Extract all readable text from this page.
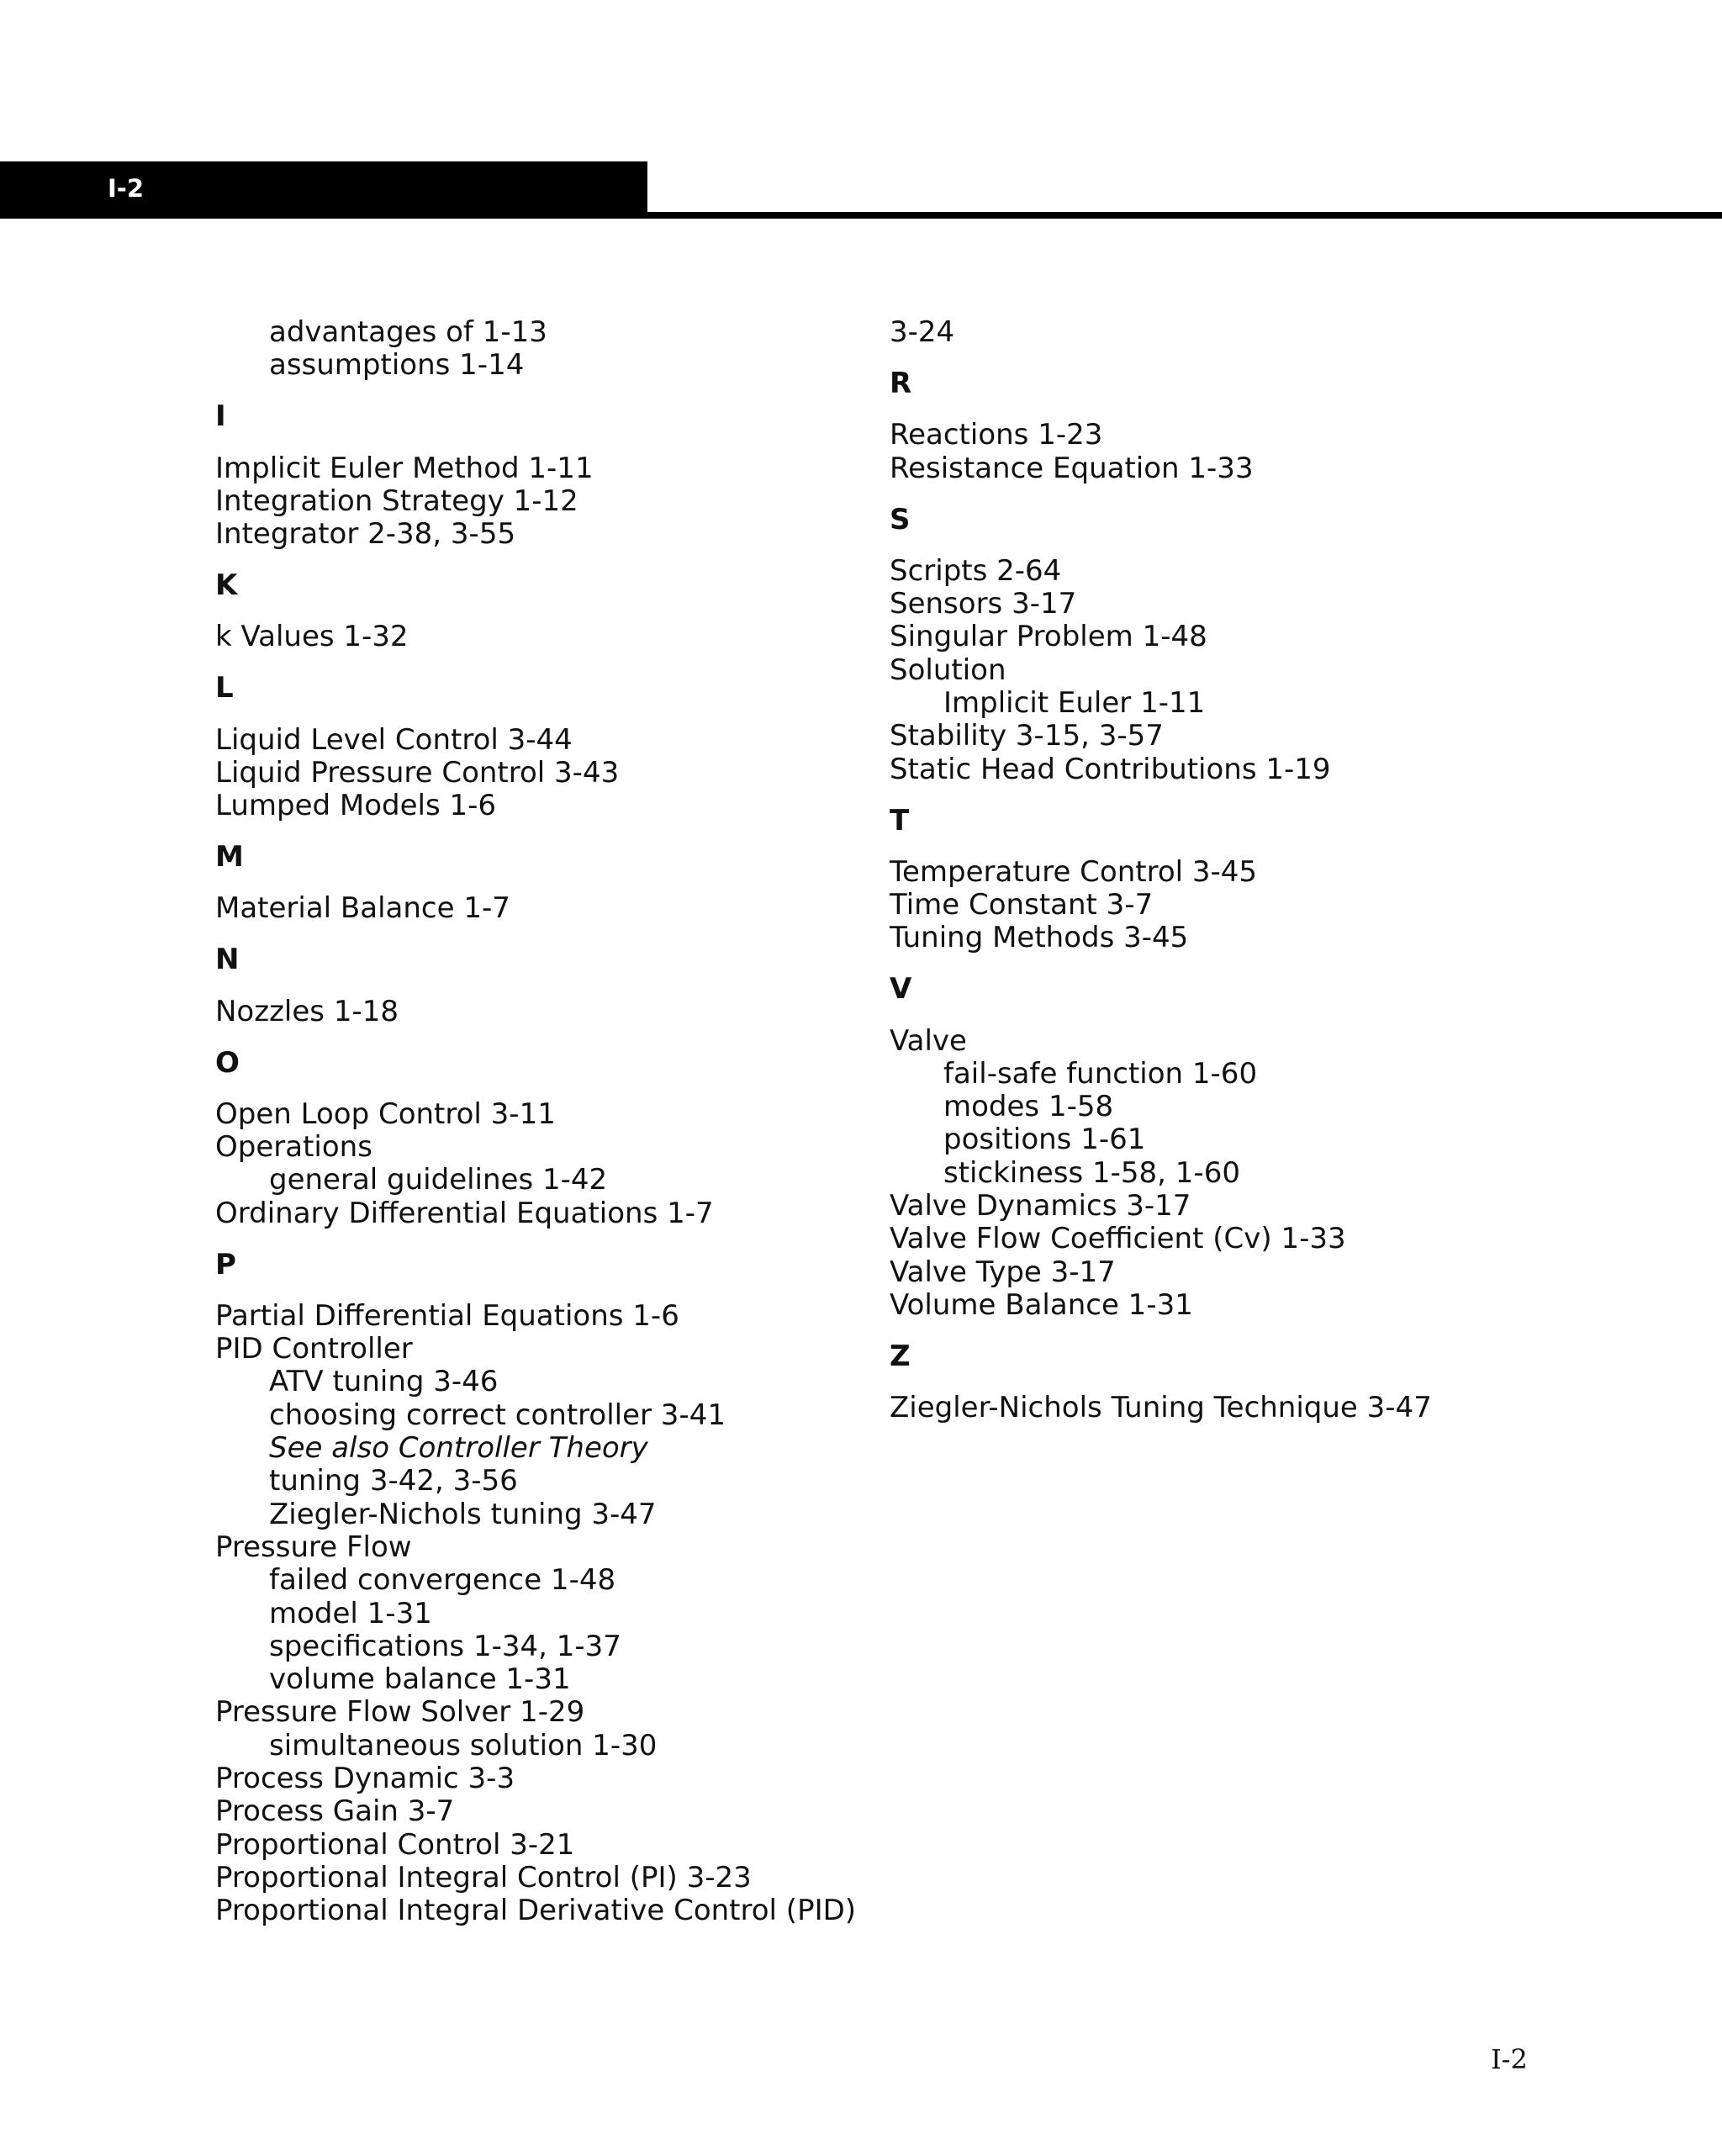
I-2
advantages of 1-13
assumptions 1-14
I
Implicit Euler Method 1-11
Integration Strategy 1-12
Integrator 2-38, 3-55
K
k Values 1-32
L
Liquid Level Control 3-44
Liquid Pressure Control 3-43
Lumped Models 1-6
M
Material Balance 1-7
N
Nozzles 1-18
O
Open Loop Control 3-11
Operations
general guidelines 1-42
Ordinary Differential Equations 1-7
P
Partial Differential Equations 1-6
PID Controller
ATV tuning 3-46
choosing correct controller 3-41
See also Controller Theory
tuning 3-42, 3-56
Ziegler-Nichols tuning 3-47
Pressure Flow
failed convergence 1-48
model 1-31
specifications 1-34, 1-37
volume balance 1-31
Pressure Flow Solver 1-29
simultaneous solution 1-30
Process Dynamic 3-3
Process Gain 3-7
Proportional Control 3-21
Proportional Integral Control (PI) 3-23
Proportional Integral Derivative Control (PID)
3-24
R
Reactions 1-23
Resistance Equation 1-33
S
Scripts 2-64
Sensors 3-17
Singular Problem 1-48
Solution
Implicit Euler 1-11
Stability 3-15, 3-57
Static Head Contributions 1-19
T
Temperature Control 3-45
Time Constant 3-7
Tuning Methods 3-45
V
Valve
fail-safe function 1-60
modes 1-58
positions 1-61
stickiness 1-58, 1-60
Valve Dynamics 3-17
Valve Flow Coefficient (Cv) 1-33
Valve Type 3-17
Volume Balance 1-31
Z
Ziegler-Nichols Tuning Technique 3-47
I-2
